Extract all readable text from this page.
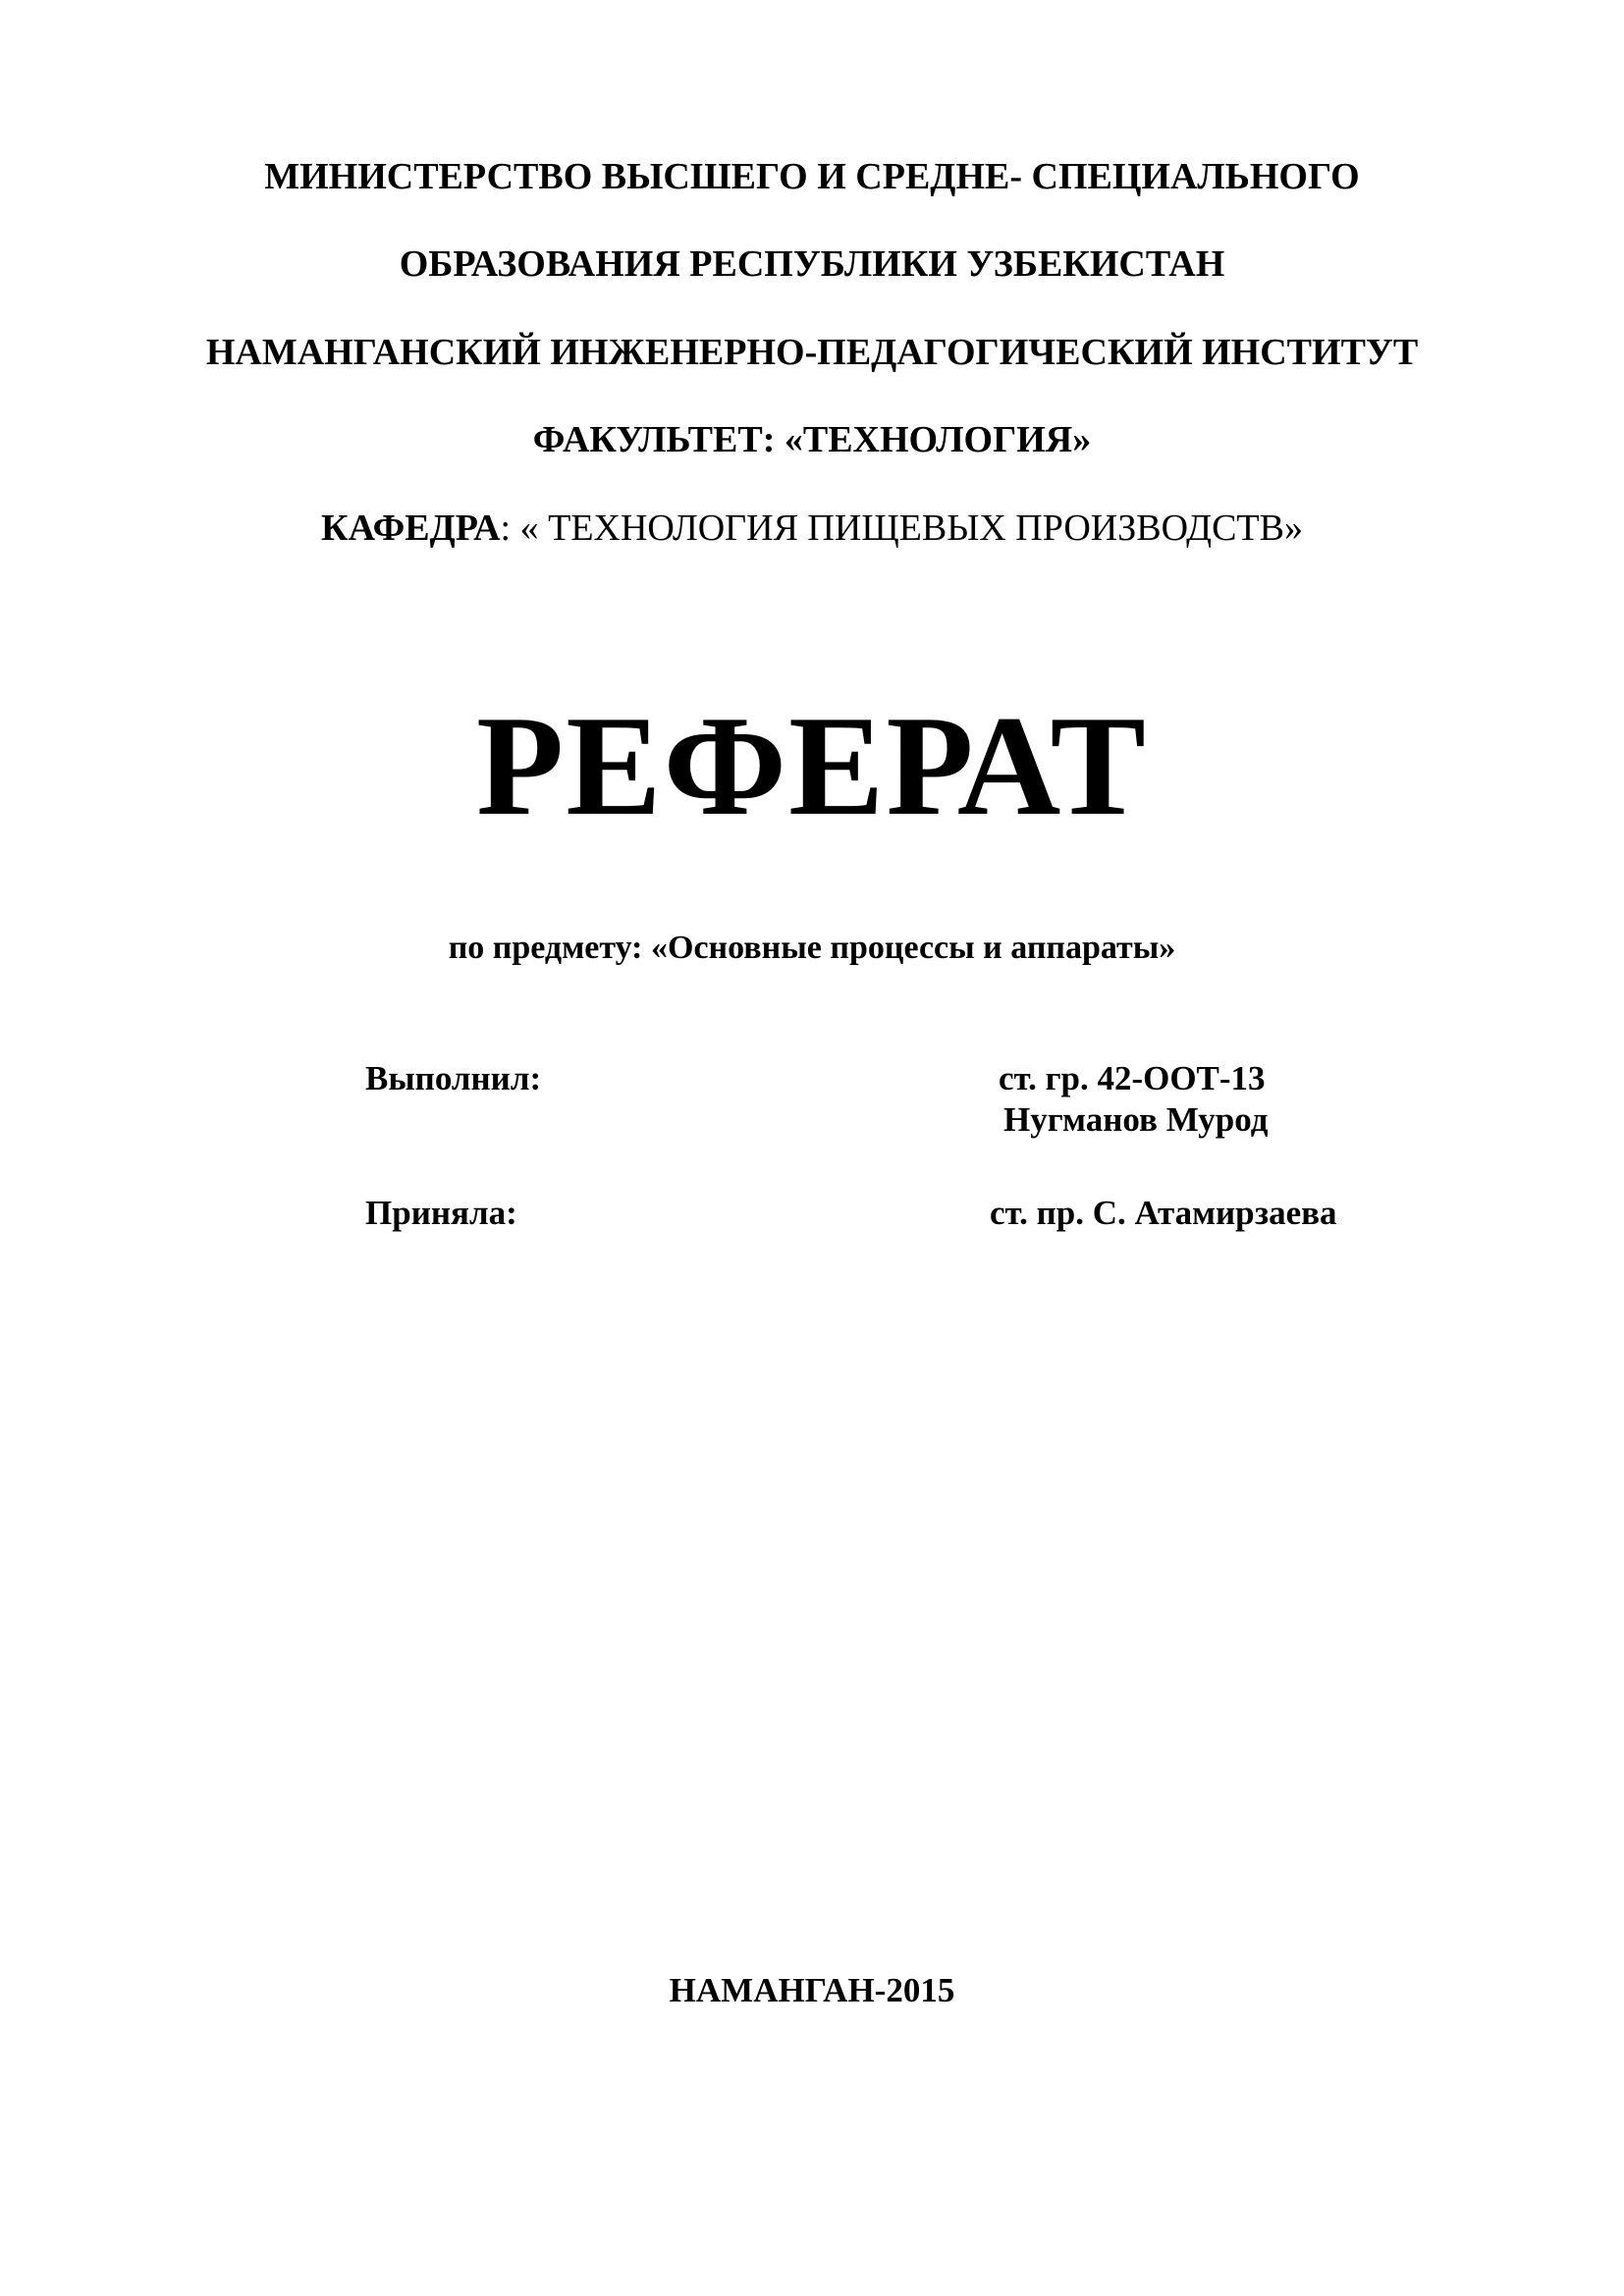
МИНИСТЕРСТВО ВЫСШЕГО И СРЕДНЕ- СПЕЦИАЛЬНОГО
ОБРАЗОВАНИЯ РЕСПУБЛИКИ УЗБЕКИСТАН
НАМАНГАНСКИЙ ИНЖЕНЕРНО-ПЕДАГОГИЧЕСКИЙ ИНСТИТУТ
ФАКУЛЬТЕТ: «ТЕХНОЛОГИЯ»
КАФЕДРА: « ТЕХНОЛОГИЯ ПИЩЕВЫХ ПРОИЗВОДСТВ»
РЕФЕРАТ
по предмету: «Основные процессы и аппараты»
Выполнил:	ст. гр. 42-ООТ-13
Нугманов Мурод
Приняла:	ст. пр. С. Атамирзаева
НАМАНГАН-2015
